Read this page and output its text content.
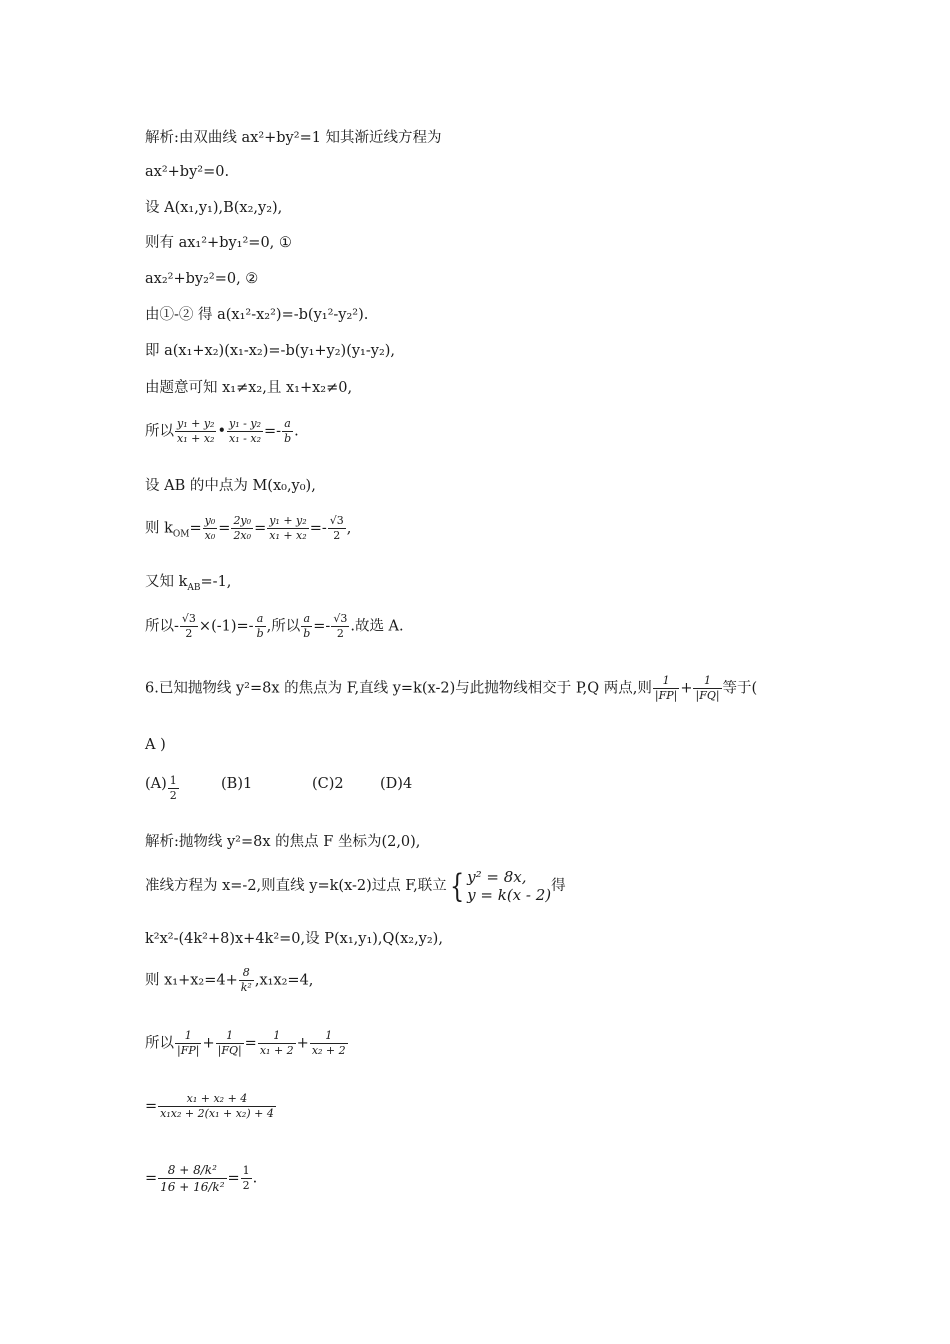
解析:由双曲线 ax²+by²=1 知其渐近线方程为
ax²+by²=0.
设 A(x₁,y₁),B(x₂,y₂),
则有 ax₁²+by₁²=0, ①
ax₂²+by₂²=0, ②
由①-② 得 a(x₁²-x₂²)=-b(y₁²-y₂²).
即 a(x₁+x₂)(x₁-x₂)=-b(y₁+y₂)(y₁-y₂),
由题意可知 x₁≠x₂,且 x₁+x₂≠0,
所以 $\frac{\text{y₁ + y₂}}{\text{x₁ + x₂}}$ • $\frac{\text{y₁ - y₂}}{\text{x₁ - x₂}} =- \frac{a}{b}$ .
设 AB 的中点为 M(x₀,y₀),
则 $k_{OM}= \frac{\text{y₀}}{\text{x₀}} = \frac{\text{2y₀}}{\text{2x₀}} = \frac{\text{y₁ + y₂}}{\text{x₁ + x₂}} =- \frac{√3}{2}$ ,
又知 $k_{AB}=-1$,
所以- $\frac{√3}{2} \times(-1)=- \frac{a}{b}$ ,所以 $\frac{a}{b} =- \frac{√3}{2}$ .故选 A.
6.已知抛物线 y²=8x 的焦点为 F,直线 y=k(x-2)与此抛物线相交于 P,Q 两点,则 $\frac{1}{|FP|} + \frac{1}{|FQ|}$ 等于(
A )
$(A) \frac{1}{2}$	(B)1	(C)2	(D)4
解析:抛物线 y²=8x 的焦点 F 坐标为(2,0),
准线方程为 x=-2,则直线 y=k(x-2)过点 F,联立{ y² = 8x,
y = k(x - 2) 得
k²x²-(4k²+8)x+4k²=0,设 P(x₁,y₁),Q(x₂,y₂),
则 $x_1+x_2=4+ \frac{8}{\text{k²}} ,x_1x_2=4$,
所以 $\frac{1}{|FP|} + \frac{1}{|FQ|} = \frac{1}{\text{x₁ + 2}} + \frac{1}{\text{x₂ + 2}}$
= $\frac{\text{x₁ + x₂ + 4}}{\text{x₁x₂ + 2(x₁ + x₂) + 4}}$
= $\frac{\text{8 + 8/k²}}{\text{16 + 16/k²}} = \frac{1}{2}$ .
